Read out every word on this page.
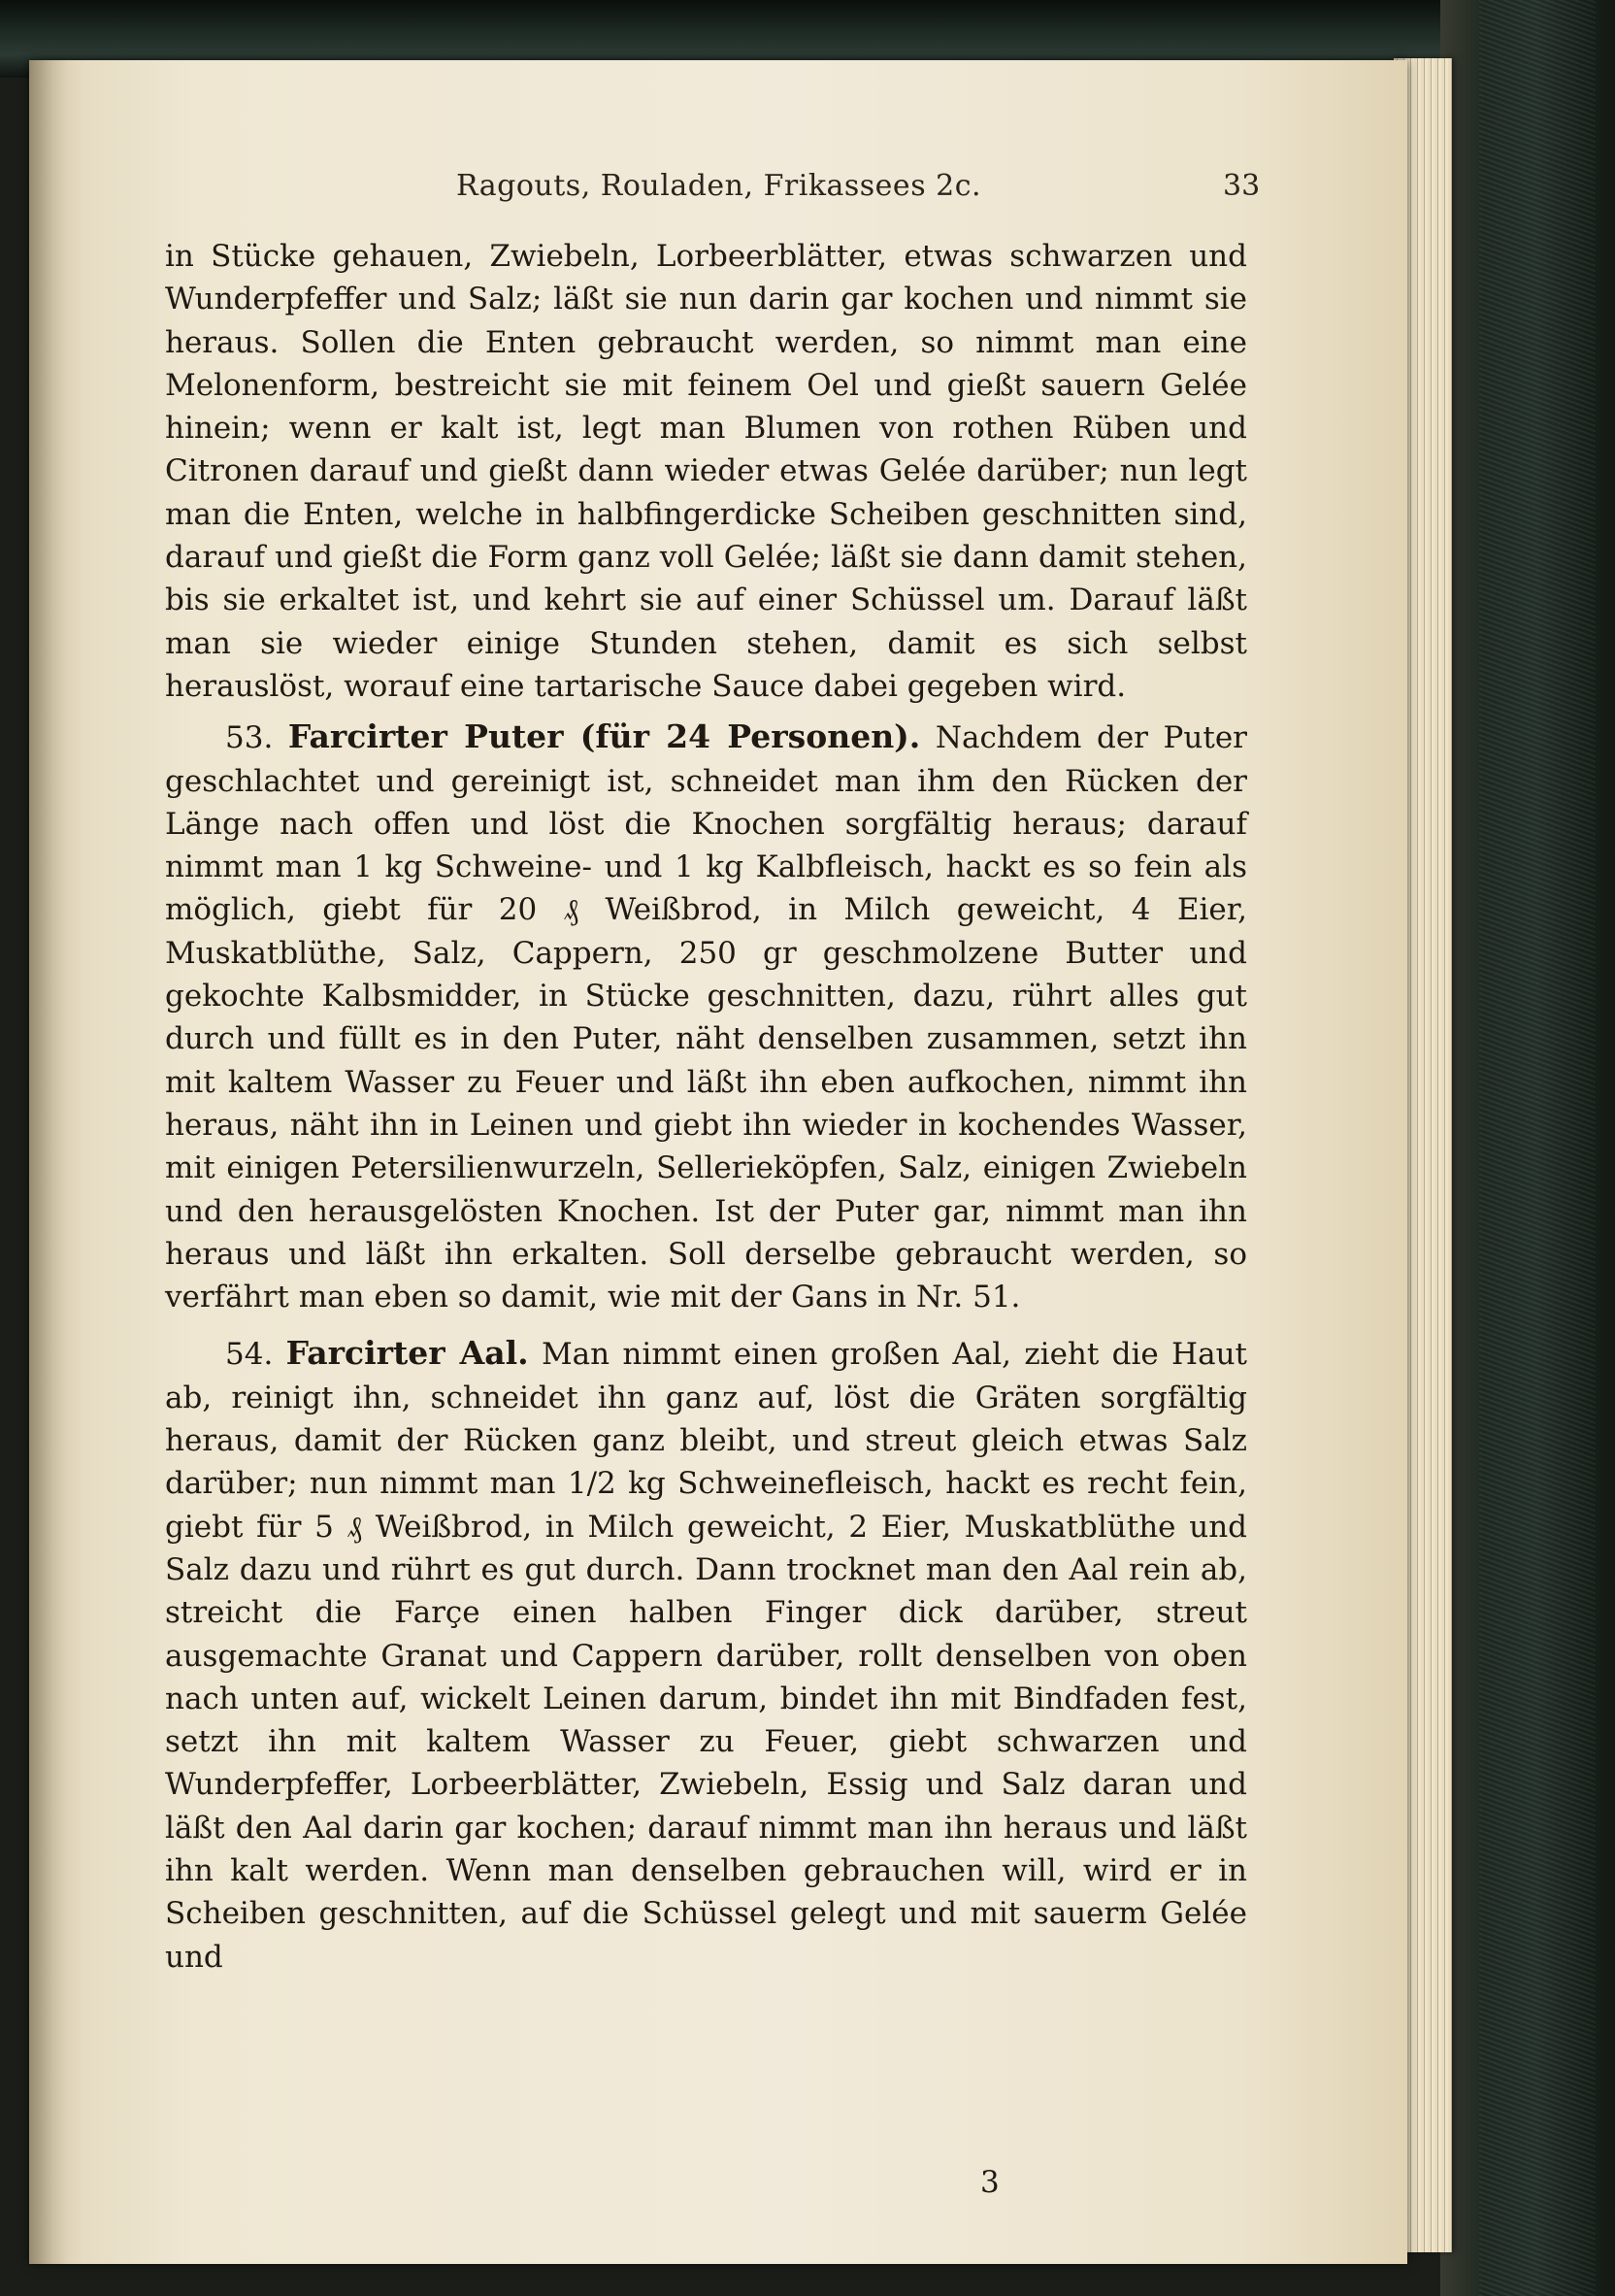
Ragouts, Rouladen, Frikassees 2c.	33

in Stücke gehauen, Zwiebeln, Lorbeerblätter, etwas schwarzen und Wunderpfeffer und Salz; läßt sie nun darin gar kochen und nimmt sie heraus. Sollen die Enten gebraucht werden, so nimmt man eine Melonenform, bestreicht sie mit feinem Oel und gießt sauern Gelée hinein; wenn er kalt ist, legt man Blumen von rothen Rüben und Citronen darauf und gießt dann wieder etwas Gelée darüber; nun legt man die Enten, welche in halbfingerdicke Scheiben geschnitten sind, darauf und gießt die Form ganz voll Gelée; läßt sie dann damit stehen, bis sie erkaltet ist, und kehrt sie auf einer Schüssel um. Darauf läßt man sie wieder einige Stunden stehen, damit es sich selbst herauslöst, worauf eine tartarische Sauce dabei gegeben wird.

53. Farcirter Puter (für 24 Personen). Nachdem der Puter geschlachtet und gereinigt ist, schneidet man ihm den Rücken der Länge nach offen und löst die Knochen sorgfältig heraus; darauf nimmt man 1 kg Schweine- und 1 kg Kalbfleisch, hackt es so fein als möglich, giebt für 20 ₰ Weißbrod, in Milch geweicht, 4 Eier, Muskatblüthe, Salz, Cappern, 250 gr geschmolzene Butter und gekochte Kalbsmidder, in Stücke geschnitten, dazu, rührt alles gut durch und füllt es in den Puter, näht denselben zusammen, setzt ihn mit kaltem Wasser zu Feuer und läßt ihn eben aufkochen, nimmt ihn heraus, näht ihn in Leinen und giebt ihn wieder in kochendes Wasser, mit einigen Petersilienwurzeln, Sellerieköpfen, Salz, einigen Zwiebeln und den herausgelösten Knochen. Ist der Puter gar, nimmt man ihn heraus und läßt ihn erkalten. Soll derselbe gebraucht werden, so verfährt man eben so damit, wie mit der Gans in Nr. 51.

54. Farcirter Aal. Man nimmt einen großen Aal, zieht die Haut ab, reinigt ihn, schneidet ihn ganz auf, löst die Gräten sorgfältig heraus, damit der Rücken ganz bleibt, und streut gleich etwas Salz darüber; nun nimmt man 1/2 kg Schweinefleisch, hackt es recht fein, giebt für 5 ₰ Weißbrod, in Milch geweicht, 2 Eier, Muskatblüthe und Salz dazu und rührt es gut durch. Dann trocknet man den Aal rein ab, streicht die Farçe einen halben Finger dick darüber, streut ausgemachte Granat und Cappern darüber, rollt denselben von oben nach unten auf, wickelt Leinen darum, bindet ihn mit Bindfaden fest, setzt ihn mit kaltem Wasser zu Feuer, giebt schwarzen und Wunderpfeffer, Lorbeerblätter, Zwiebeln, Essig und Salz daran und läßt den Aal darin gar kochen; darauf nimmt man ihn heraus und läßt ihn kalt werden. Wenn man denselben gebrauchen will, wird er in Scheiben geschnitten, auf die Schüssel gelegt und mit sauerm Gelée und

3
